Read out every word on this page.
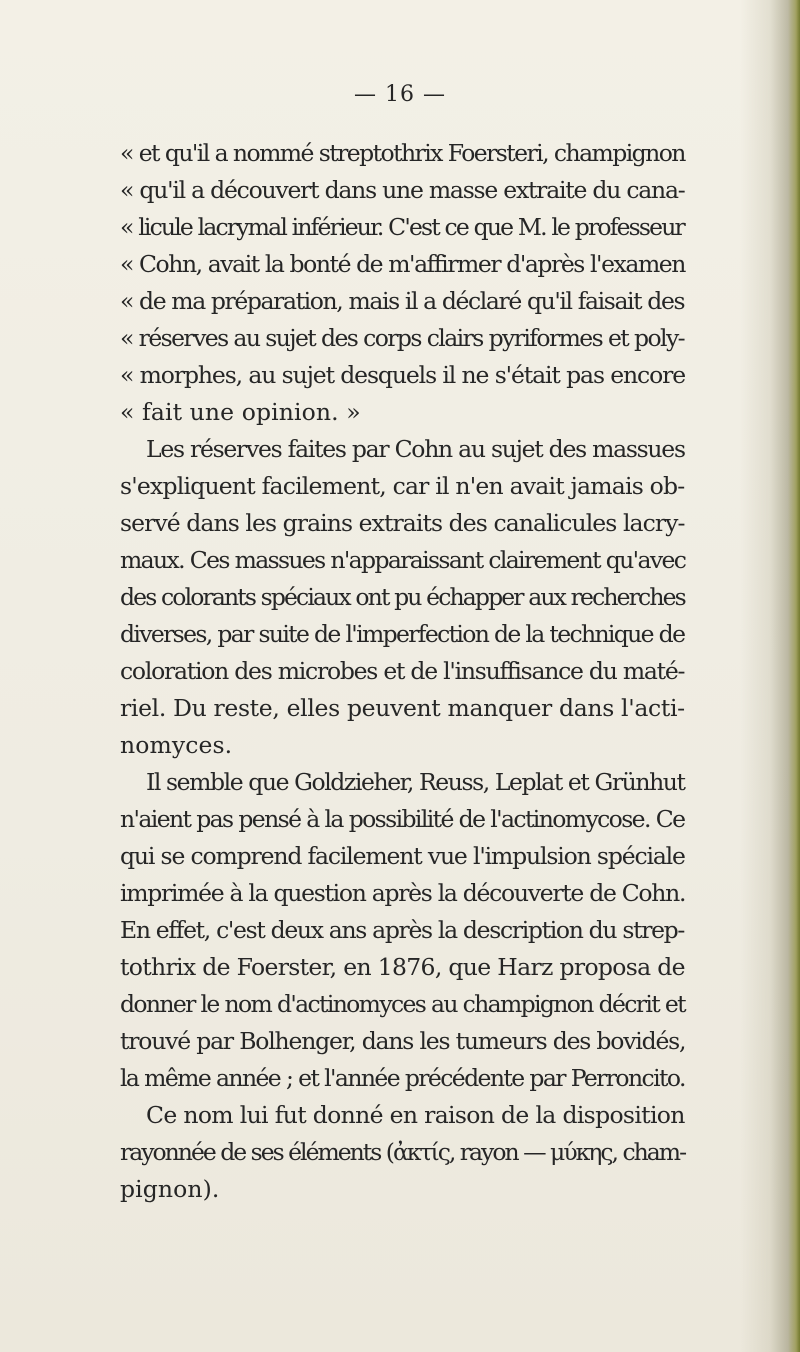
— 16 —
« et qu'il a nommé streptothrix Foersteri, champignon
« qu'il a découvert dans une masse extraite du cana-
« licule lacrymal inférieur. C'est ce que M. le professeur
« Cohn, avait la bonté de m'affirmer d'après l'examen
« de ma préparation, mais il a déclaré qu'il faisait des
« réserves au sujet des corps clairs pyriformes et poly-
« morphes, au sujet desquels il ne s'était pas encore
« fait une opinion. »
Les réserves faites par Cohn au sujet des massues
s'expliquent facilement, car il n'en avait jamais ob-
servé dans les grains extraits des canalicules lacry-
maux. Ces massues n'apparaissant clairement qu'avec
des colorants spéciaux ont pu échapper aux recherches
diverses, par suite de l'imperfection de la technique de
coloration des microbes et de l'insuffisance du maté-
riel. Du reste, elles peuvent manquer dans l'acti-
nomyces.
Il semble que Goldzieher, Reuss, Leplat et Grünhut
n'aient pas pensé à la possibilité de l'actinomycose. Ce
qui se comprend facilement vue l'impulsion spéciale
imprimée à la question après la découverte de Cohn.
En effet, c'est deux ans après la description du strep-
tothrix de Foerster, en 1876, que Harz proposa de
donner le nom d'actinomyces au champignon décrit et
trouvé par Bolhenger, dans les tumeurs des bovidés,
la même année ; et l'année précédente par Perroncito.
Ce nom lui fut donné en raison de la disposition
rayonnée de ses éléments (ἀκτίς, rayon — μύκης, cham-
pignon).
